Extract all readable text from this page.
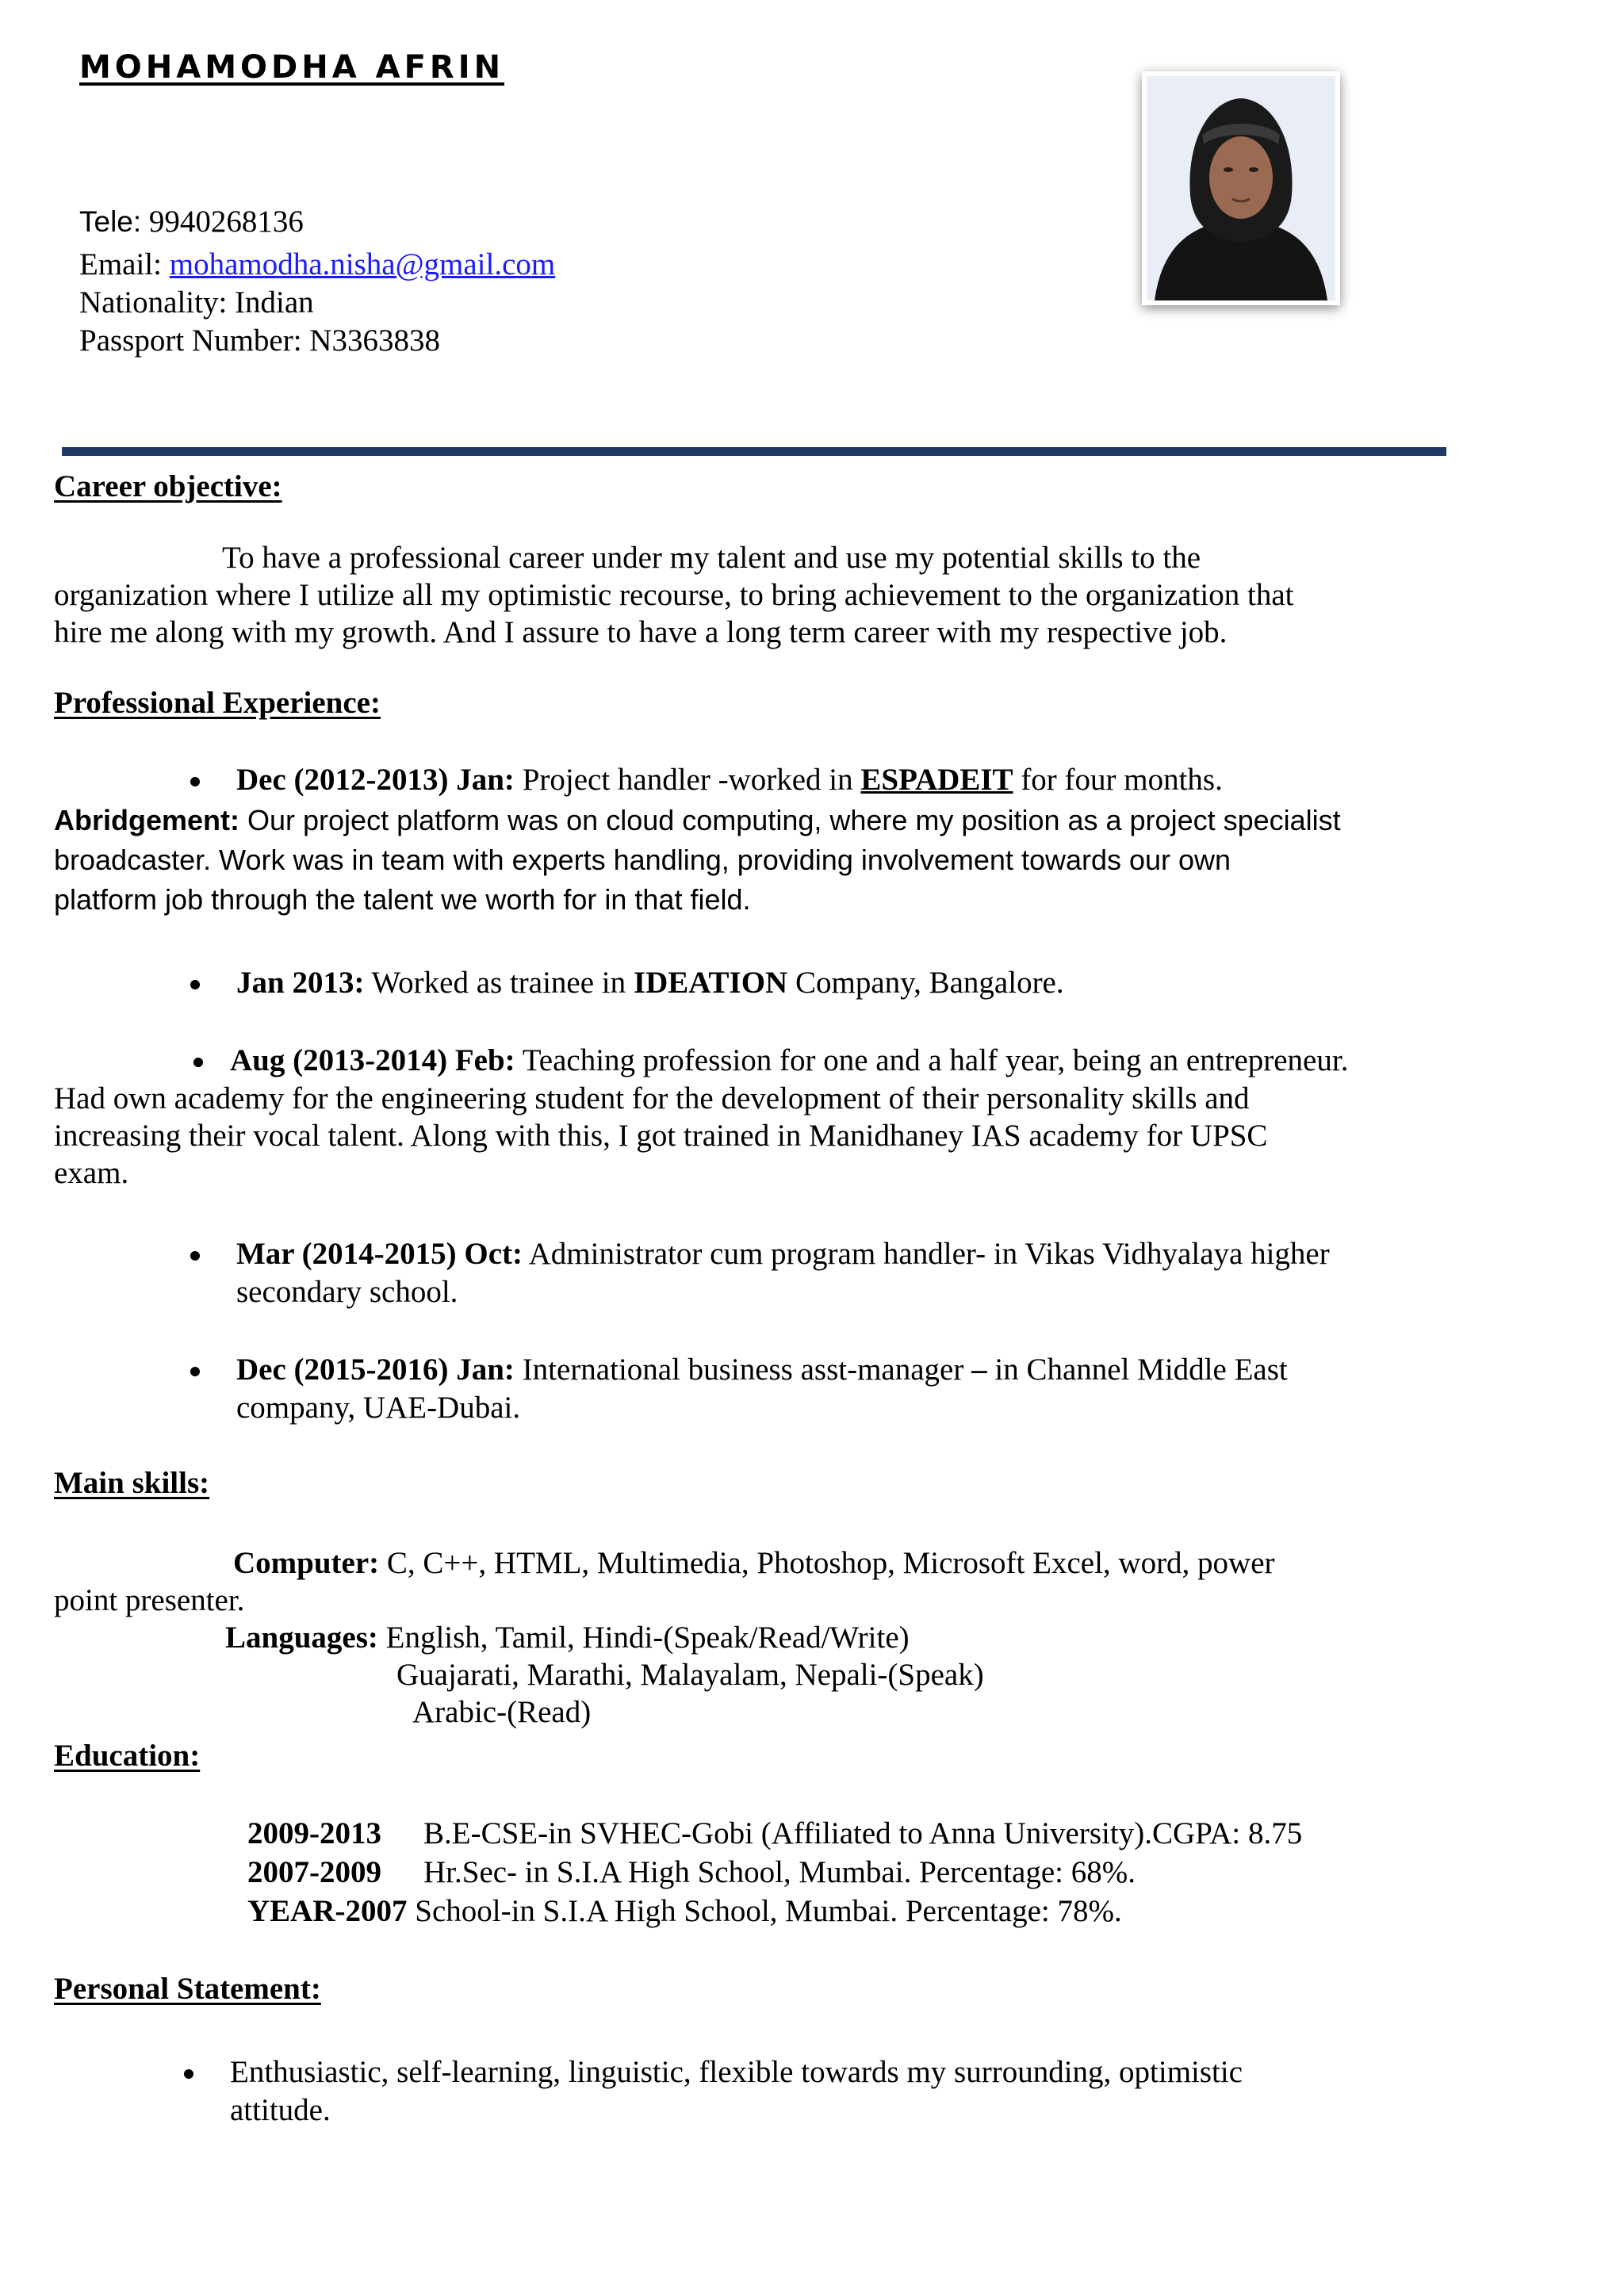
MOHAMODHA AFRIN
Tele: 9940268136
Email: mohamodha.nisha@gmail.com
Nationality: Indian
Passport Number: N3363838
Career objective:
To have a professional career under my talent and use my potential skills to the
organization where I utilize all my optimistic recourse, to bring achievement to the organization that
hire me along with my growth. And I assure to have a long term career with my respective job.
Professional Experience:
Dec (2012-2013) Jan: Project handler -worked in ESPADEIT for four months.
Abridgement: Our project platform was on cloud computing, where my position as a project specialist
broadcaster. Work was in team with experts handling, providing involvement towards our own
platform job through the talent we worth for in that field.
Jan 2013: Worked as trainee in IDEATION Company, Bangalore.
Aug (2013-2014) Feb: Teaching profession for one and a half year, being an entrepreneur.
Had own academy for the engineering student for the development of their personality skills and
increasing their vocal talent. Along with this, I got trained in Manidhaney IAS academy for UPSC
exam.
Mar (2014-2015) Oct: Administrator cum program handler- in Vikas Vidhyalaya higher
secondary school.
Dec (2015-2016) Jan: International business asst-manager – in Channel Middle East
company, UAE-Dubai.
Main skills:
Computer: C, C++, HTML, Multimedia, Photoshop, Microsoft Excel, word, power
point presenter.
Languages: English, Tamil, Hindi-(Speak/Read/Write)
Guajarati, Marathi, Malayalam, Nepali-(Speak)
Arabic-(Read)
Education:
2009-2013 B.E-CSE-in SVHEC-Gobi (Affiliated to Anna University).CGPA: 8.75
2007-2009 Hr.Sec- in S.I.A High School, Mumbai. Percentage: 68%.
YEAR-2007 School-in S.I.A High School, Mumbai. Percentage: 78%.
Personal Statement:
Enthusiastic, self-learning, linguistic, flexible towards my surrounding, optimistic
attitude.
